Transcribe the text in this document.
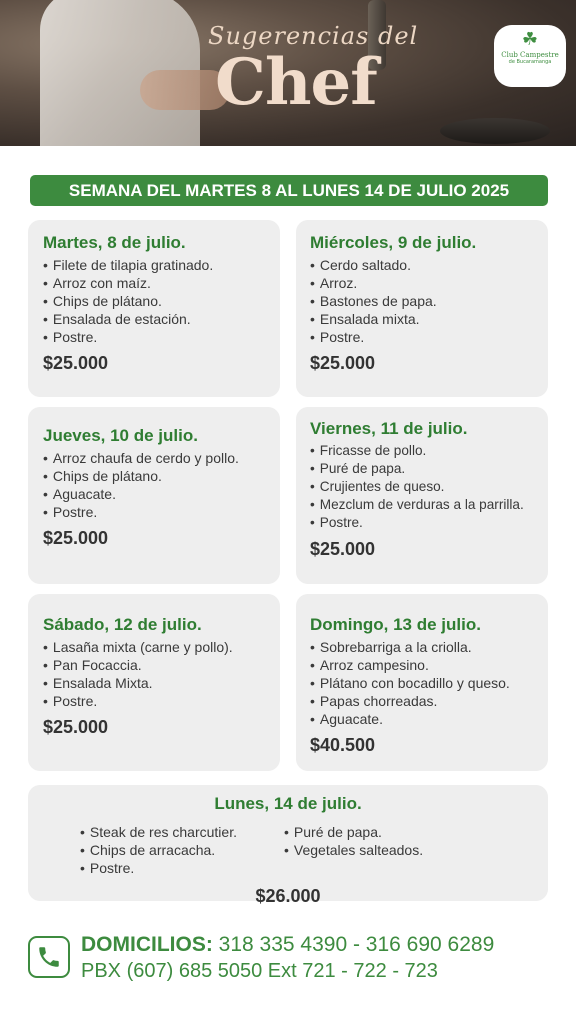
Sugerencias del
Chef
☘
Club Campestre
de Bucaramanga
SEMANA DEL MARTES 8 AL LUNES 14 DE JULIO 2025
Martes, 8 de julio.
• Filete de tilapia gratinado.
• Arroz con maíz.
• Chips de plátano.
• Ensalada de estación.
• Postre.
$25.000
Miércoles, 9 de julio.
• Cerdo saltado.
• Arroz.
• Bastones de papa.
• Ensalada mixta.
• Postre.
$25.000
Jueves, 10 de julio.
• Arroz chaufa de cerdo y pollo.
• Chips de plátano.
• Aguacate.
• Postre.
$25.000
Viernes, 11 de julio.
• Fricasse de pollo.
• Puré de papa.
• Crujientes de queso.
• Mezclum de verduras a la parrilla.
• Postre.
$25.000
Sábado, 12 de julio.
• Lasaña mixta (carne y pollo).
• Pan Focaccia.
• Ensalada Mixta.
• Postre.
$25.000
Domingo, 13 de julio.
• Sobrebarriga a la criolla.
• Arroz campesino.
• Plátano con bocadillo y queso.
• Papas chorreadas.
• Aguacate.
$40.500
Lunes, 14 de julio.
• Steak de res charcutier.
• Chips de arracacha.
• Postre.
• Puré de papa.
• Vegetales salteados.
$26.000
DOMICILIOS: 318 335 4390 - 316 690 6289
PBX (607) 685 5050 Ext 721 - 722 - 723
